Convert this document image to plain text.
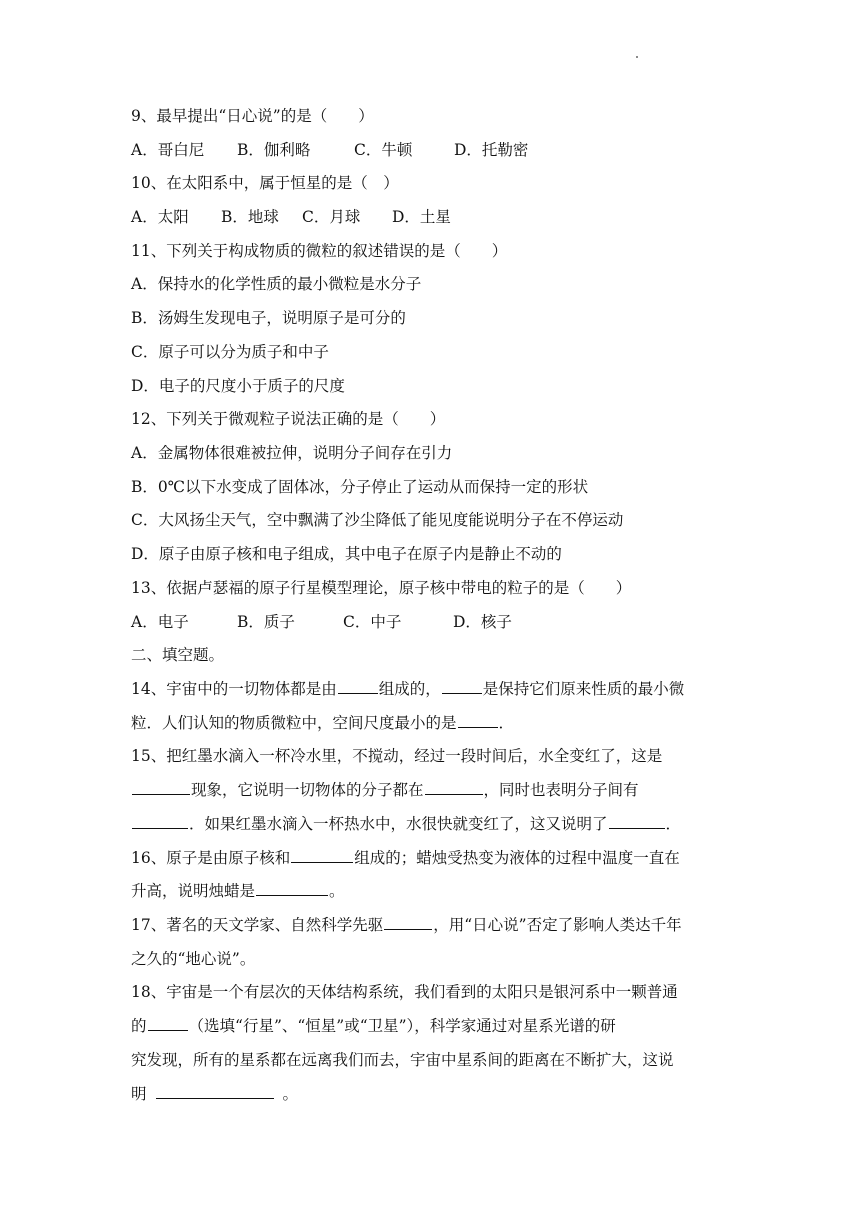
9、最早提出“日心说”的是（　　）
A．哥白尼 B．伽利略	C．牛顿	D．托勒密
10、在太阳系中，属于恒星的是（　）
A．太阳 B．地球 C．月球 D．土星
11、下列关于构成物质的微粒的叙述错误的是（　　）
A．保持水的化学性质的最小微粒是水分子
B．汤姆生发现电子，说明原子是可分的
C．原子可以分为质子和中子
D．电子的尺度小于质子的尺度
12、下列关于微观粒子说法正确的是（　　）
A．金属物体很难被拉伸，说明分子间存在引力
B．0℃以下水变成了固体冰，分子停止了运动从而保持一定的形状
C．大风扬尘天气，空中飘满了沙尘降低了能见度能说明分子在不停运动
D．原子由原子核和电子组成，其中电子在原子内是静止不动的
13、依据卢瑟福的原子行星模型理论，原子核中带电的粒子的是（　　）
A．电子	B．质子	C．中子	D．核子
二、填空题。
14、宇宙中的一切物体都是由	组成的，	是保持它们原来性质的最小微
粒．人们认知的物质微粒中，空间尺度最小的是	．
15、把红墨水滴入一杯冷水里，不搅动，经过一段时间后，水全变红了，这是
现象，它说明一切物体的分子都在	，同时也表明分子间有
．如果红墨水滴入一杯热水中，水很快就变红了，这又说明了	．
16、原子是由原子核和	组成的；蜡烛受热变为液体的过程中温度一直在
升高，说明烛蜡是	。
17、著名的天文学家、自然科学先驱	，用“日心说”否定了影响人类达千年
之久的“地心说”。
18、宇宙是一个有层次的天体结构系统，我们看到的太阳只是银河系中一颗普通
的	（选填“行星”、“恒星”或“卫星”），科学家通过对星系光谱的研
究发现，所有的星系都在远离我们而去，宇宙中星系间的距离在不断扩大，这说
明	。
